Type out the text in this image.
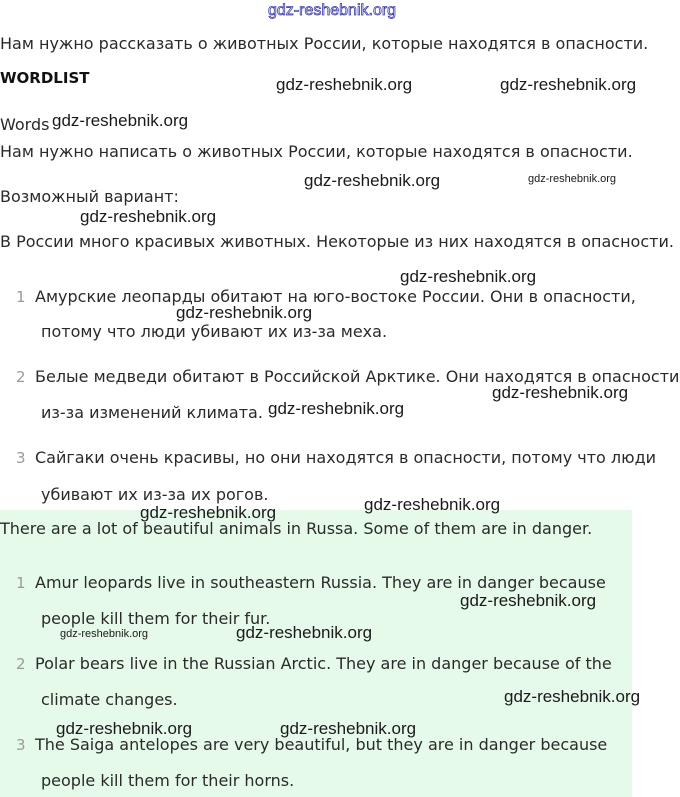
gdz-reshebnik.org
Нам нужно рассказать о животных России, которые находятся в опасности.
WORDLIST
Words
Нам нужно написать о животных России, которые находятся в опасности.
Возможный вариант:
В России много красивых животных. Некоторые из них находятся в опасности.
1 Амурские леопарды обитают на юго-востоке России. Они в опасности,
потому что люди убивают их из-за меха.
2 Белые медведи обитают в Российской Арктике. Они находятся в опасности
из-за изменений климата.
3 Сайгаки очень красивы, но они находятся в опасности, потому что люди
убивают их из-за их рогов.
There are a lot of beautiful animals in Russa. Some of them are in danger.
1 Amur leopards live in southeastern Russia. They are in danger because
people kill them for their fur.
2 Polar bears live in the Russian Arctic. They are in danger because of the
climate changes.
3 The Saiga antelopes are very beautiful, but they are in danger because
people kill them for their horns.
gdz-reshebnik.org	gdz-reshebnik.org
gdz-reshebnik.org
gdz-reshebnik.org	gdz-reshebnik.org
gdz-reshebnik.org
gdz-reshebnik.org
gdz-reshebnik.org
gdz-reshebnik.org
gdz-reshebnik.org
gdz-reshebnik.org
gdz-reshebnik.org
gdz-reshebnik.org
gdz-reshebnik.org	gdz-reshebnik.org
gdz-reshebnik.org
gdz-reshebnik.org	gdz-reshebnik.org
